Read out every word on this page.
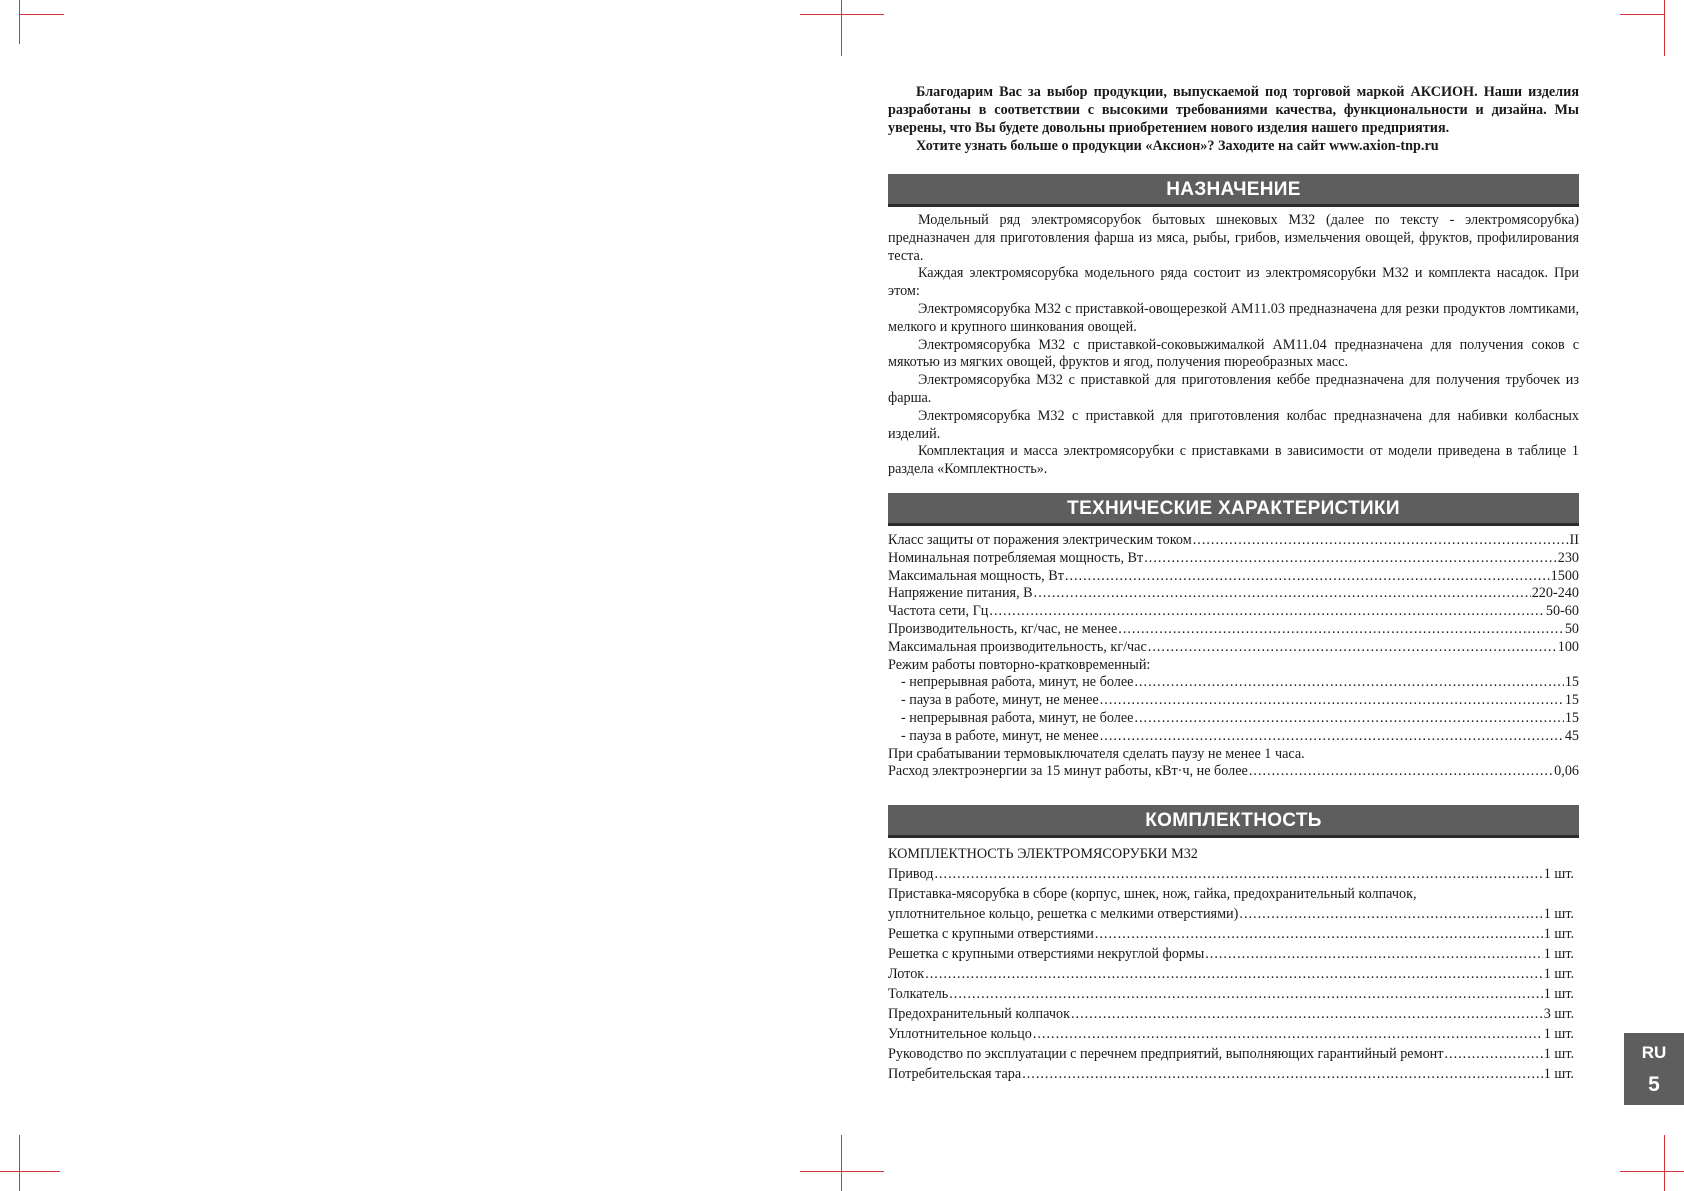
Благодарим Вас за выбор продукции, выпускаемой под торговой маркой АКСИОН. Наши изделия разработаны в соответствии с высокими требованиями качества, функциональности и дизайна. Мы уверены, что Вы будете довольны приобретением нового изделия нашего предприятия.

Хотите узнать больше о продукции «Аксион»? Заходите на сайт www.axion-tnp.ru

НАЗНАЧЕНИЕ

Модельный ряд электромясорубок бытовых шнековых М32 (далее по тексту - электромясорубка) предназначен для приготовления фарша из мяса, рыбы, грибов, измельчения овощей, фруктов, профилирования теста.

Каждая электромясорубка модельного ряда состоит из электромясорубки М32 и комплекта насадок. При этом:

Электромясорубка М32 с приставкой-овощерезкой АМ11.03 предназначена для резки продуктов ломтиками, мелкого и крупного шинкования овощей.

Электромясорубка М32 с приставкой-соковыжималкой АМ11.04 предназначена для получения соков с мякотью из мягких овощей, фруктов и ягод, получения пюреобразных масс.

Электромясорубка М32 с приставкой для приготовления кеббе предназначена для получения трубочек из фарша.

Электромясорубка М32 с приставкой для приготовления колбас предназначена для набивки колбасных изделий.

Комплектация и масса электромясорубки с приставками в зависимости от модели приведена в таблице 1 раздела «Комплектность».

ТЕХНИЧЕСКИЕ ХАРАКТЕРИСТИКИ
Класс защиты от поражения электрическим током .....	II
Номинальная потребляемая мощность, Вт .....	230
Максимальная мощность, Вт .....	1500
Напряжение питания, В .....	220-240
Частота сети, Гц .....	50-60
Производительность, кг/час, не менее .....	50
Максимальная производительность, кг/час .....	100
Режим работы повторно-кратковременный:
- непрерывная работа, минут, не более .....	15
- пауза в работе, минут, не менее .....	15
- непрерывная работа, минут, не более .....	15
- пауза в работе, минут, не менее .....	45
При срабатывании термовыключателя сделать паузу не менее 1 часа.
Расход электроэнергии за 15 минут работы, кВт·ч, не более .....	0,06
КОМПЛЕКТНОСТЬ
КОМПЛЕКТНОСТЬ ЭЛЕКТРОМЯСОРУБКИ М32
Привод .....	1 шт.
Приставка-мясорубка в сборе (корпус, шнек, нож, гайка, предохранительный колпачок,
уплотнительное кольцо, решетка с мелкими отверстиями) .....	1 шт.
Решетка с крупными отверстиями .....	1 шт.
Решетка с крупными отверстиями некруглой формы .....	1 шт.
Лоток .....	1 шт.
Толкатель .....	1 шт.
Предохранительный колпачок .....	3 шт.
Уплотнительное кольцо .....	1 шт.
Руководство по эксплуатации с перечнем предприятий, выполняющих гарантийный ремонт .....	1 шт.
Потребительская тара .....	1 шт.
RU
5
